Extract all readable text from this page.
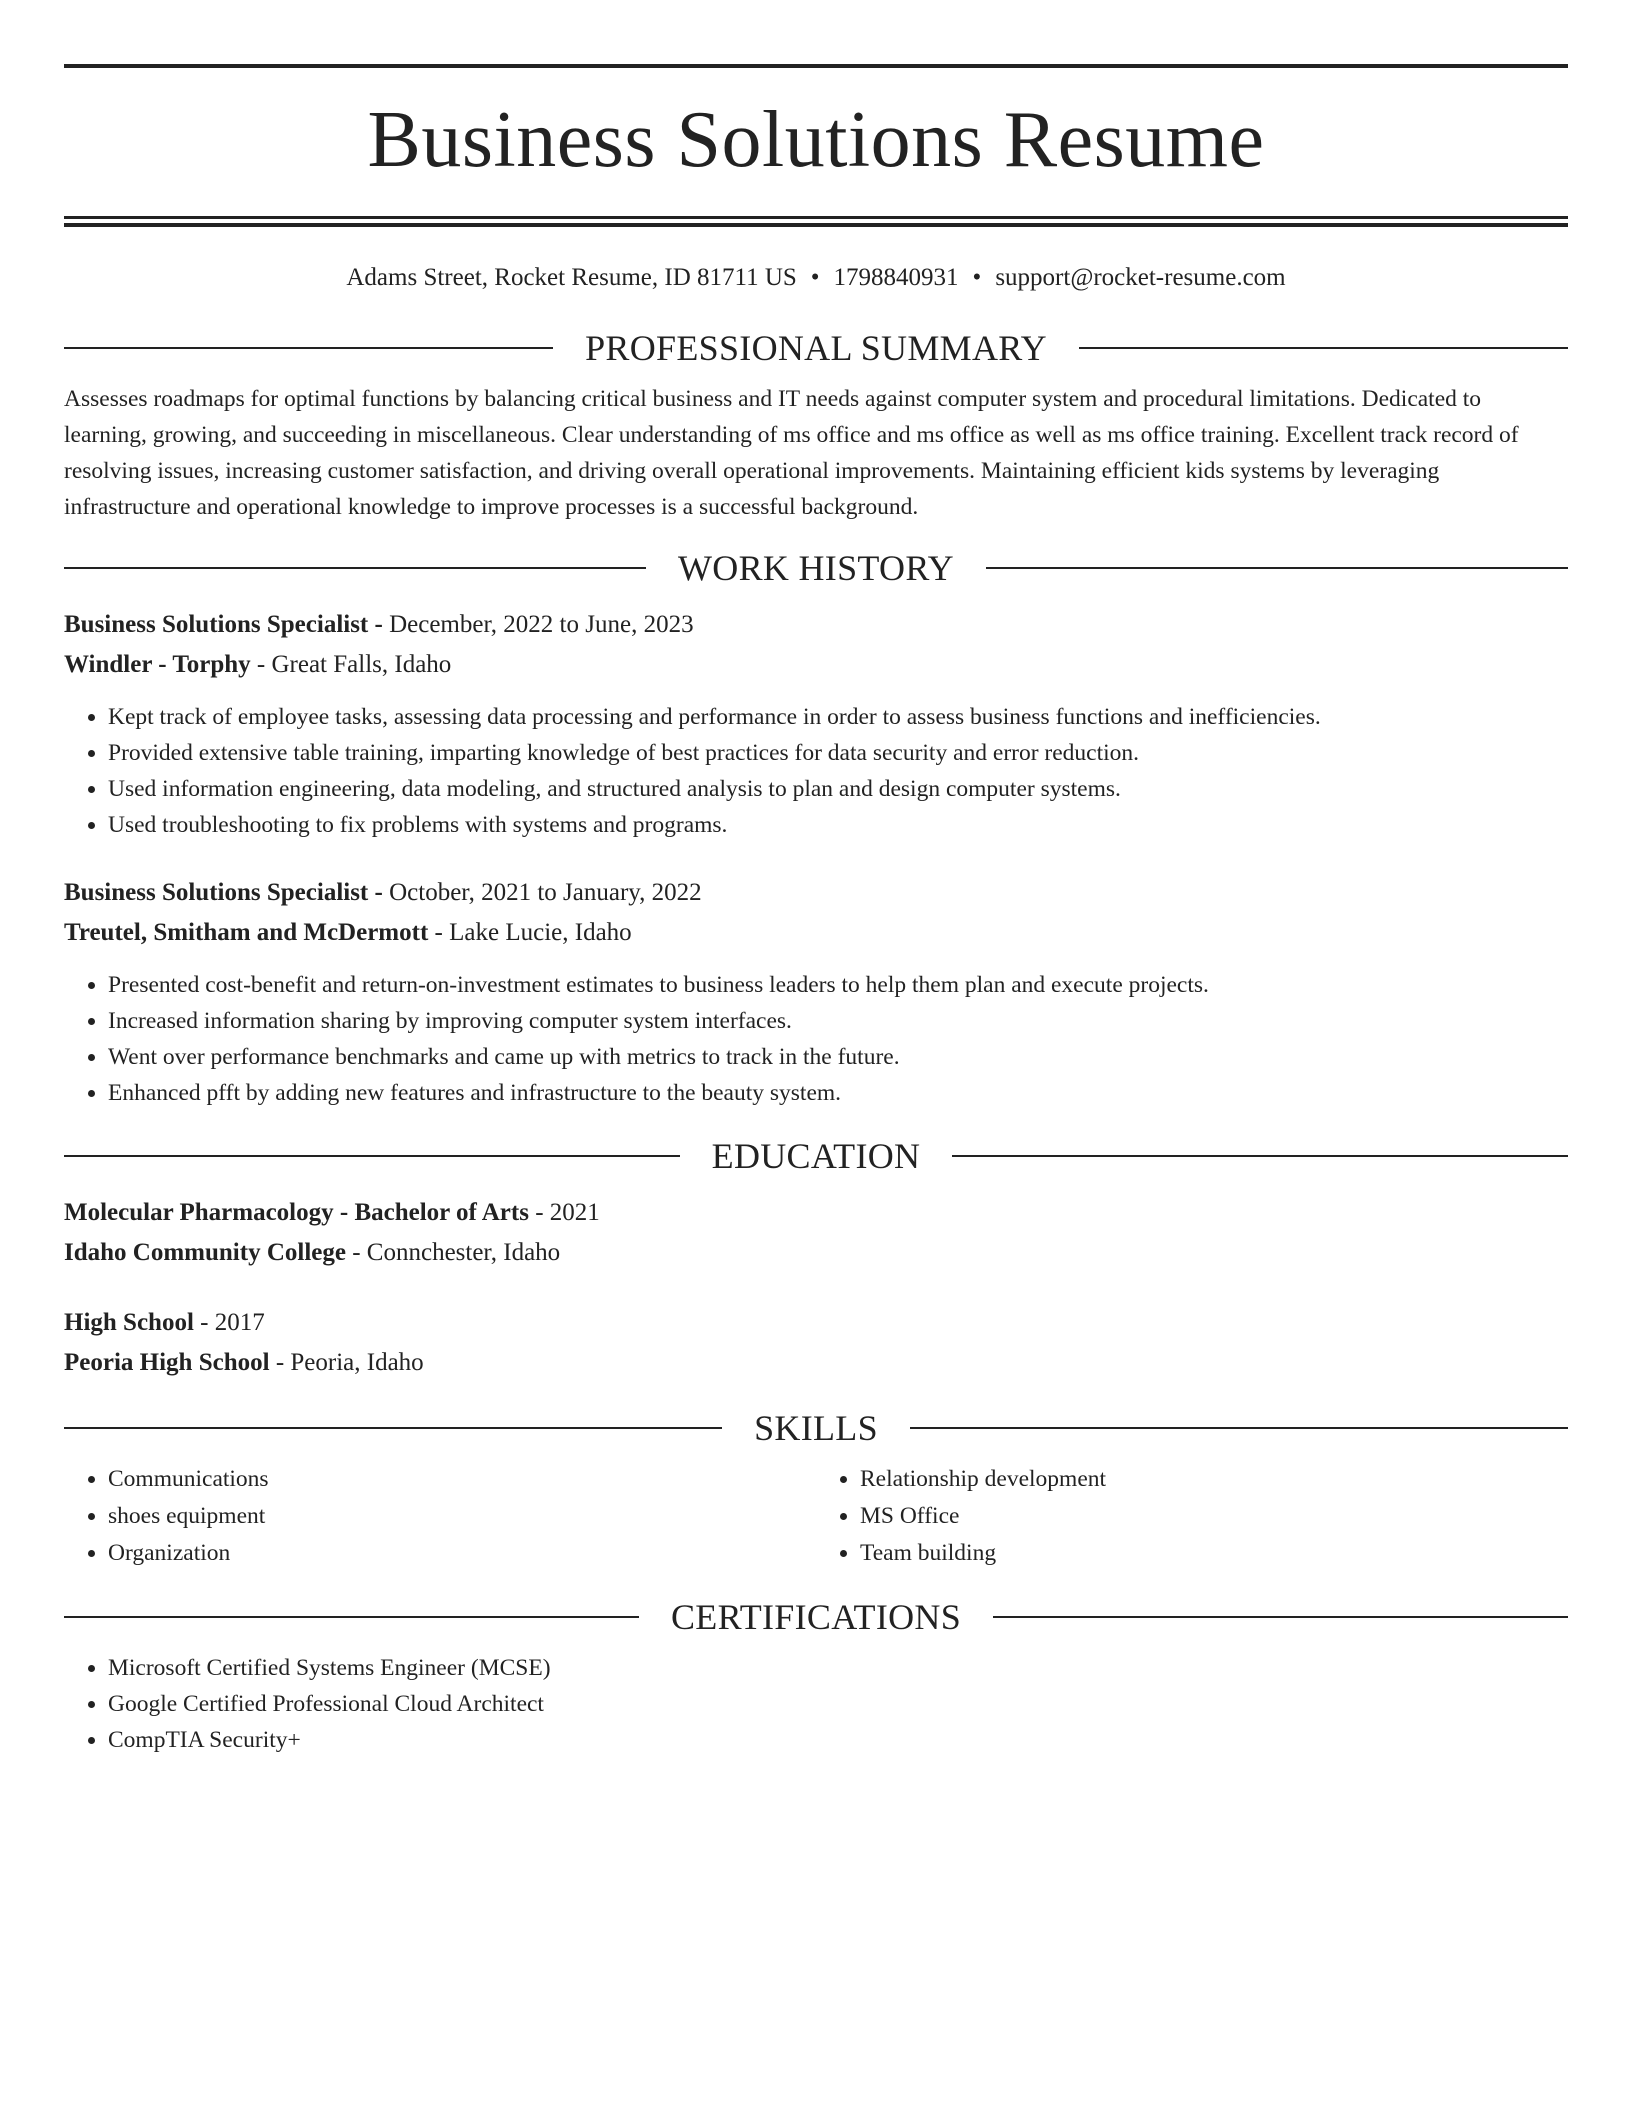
Business Solutions Resume
Adams Street, Rocket Resume, ID 81711 US • 1798840931 • support@rocket-resume.com
PROFESSIONAL SUMMARY

Assesses roadmaps for optimal functions by balancing critical business and IT needs against computer system and procedural limitations. Dedicated to learning, growing, and succeeding in miscellaneous. Clear understanding of ms office and ms office as well as ms office training. Excellent track record of resolving issues, increasing customer satisfaction, and driving overall operational improvements. Maintaining efficient kids systems by leveraging infrastructure and operational knowledge to improve processes is a successful background.

WORK HISTORY

Business Solutions Specialist - December, 2022 to June, 2023

Windler - Torphy - Great Falls, Idaho

• Kept track of employee tasks, assessing data processing and performance in order to assess business functions and inefficiencies.
• Provided extensive table training, imparting knowledge of best practices for data security and error reduction.
• Used information engineering, data modeling, and structured analysis to plan and design computer systems.
• Used troubleshooting to fix problems with systems and programs.

Business Solutions Specialist - October, 2021 to January, 2022

Treutel, Smitham and McDermott - Lake Lucie, Idaho

• Presented cost-benefit and return-on-investment estimates to business leaders to help them plan and execute projects.
• Increased information sharing by improving computer system interfaces.
• Went over performance benchmarks and came up with metrics to track in the future.
• Enhanced pfft by adding new features and infrastructure to the beauty system.
EDUCATION

Molecular Pharmacology - Bachelor of Arts - 2021

Idaho Community College - Connchester, Idaho

High School - 2017

Peoria High School - Peoria, Idaho

SKILLS
• Communications
• shoes equipment
• Organization
• Relationship development
• MS Office
• Team building
CERTIFICATIONS
• Microsoft Certified Systems Engineer (MCSE)
• Google Certified Professional Cloud Architect
• CompTIA Security+
